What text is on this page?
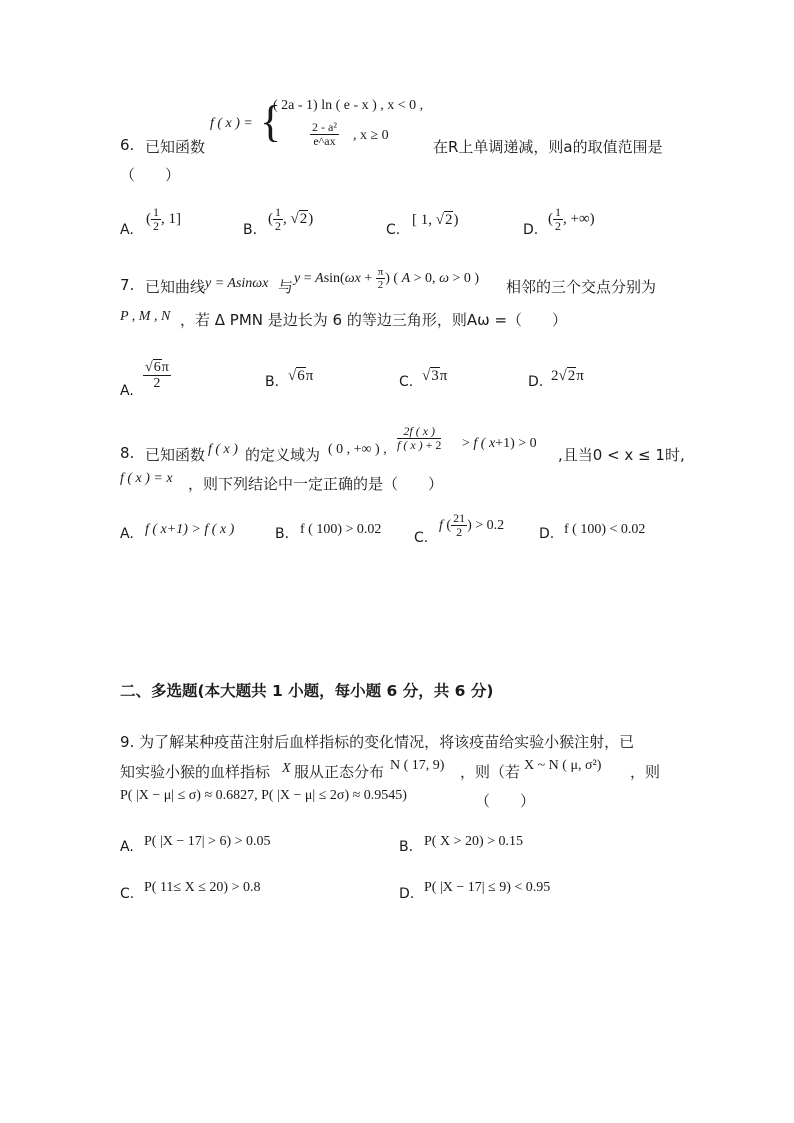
f ( x ) = {
( 2a - 1) ln ( e - x ) , x < 0 ,
$\frac{\text{2 - a²}}{e\^{}ax}$ , x ≥ 0
6. 已知函数	在R上单调递减，则a的取值范围是
（　　）
A.
( $\frac{1}{2}$ , 1]
B.
( $\frac{1}{2}$ , √2)
C.
[ 1, √2)
D.
( $\frac{1}{2}$ , +∞)
7. 已知曲线 y = Asinωx 与 $y = Asin(\omega x + \frac{\pi}{2}$ ) ( A > 0, ω > 0 ) 相邻的三个交点分别为
P , M , N ，若 Δ PMN 是边长为 6 的等边三角形，则Aω =（　　）
A. $\frac{√6\pi}{2}$	B. √6π	C. √3π	D. 2√2π
8. 已知函数 f ( x ) 的定义域为 ( 0 , +∞ ) , $\frac{2f ( x )}{f ( x ) + 2} > f$ ( x+1) > 0
,且当0 < x ≤ 1时,
f ( x ) = x ，则下列结论中一定正确的是（　　）
A. f ( x+1) > f ( x )	B. f ( 100) > 0.02
C.
f ( $\frac{21}{2}$ ) > 0.2
D. f ( 100) < 0.02
二、多选题(本大题共 1 小题，每小题 6 分，共 6 分)
9. 为了解某种疫苗注射后血样指标的变化情况，将该疫苗给实验小猴注射，已
知实验小猴的血样指标 X 服从正态分布 N ( 17, 9) ，则（若 X ~ N ( μ, σ²) ，则
P( |X − μ| ≤ σ) ≈ 0.6827, P( |X − μ| ≤ 2σ) ≈ 0.9545)	（　　）
A. P( |X − 17| > 6) > 0.05	B. P( X > 20) > 0.15
C. P( 11≤ X ≤ 20) > 0.8	D. P( |X − 17| ≤ 9) < 0.95
